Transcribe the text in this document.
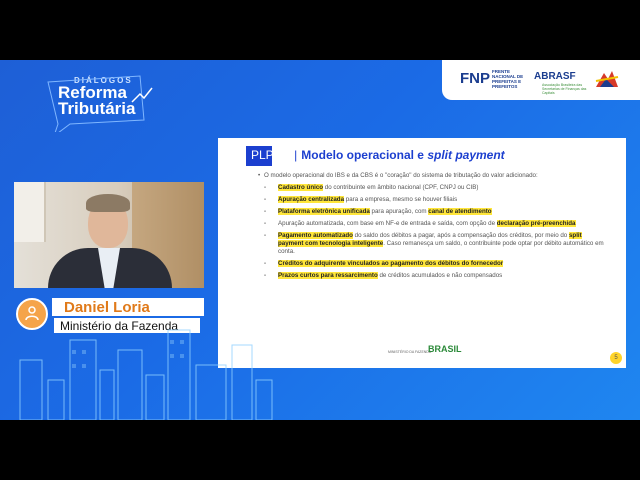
DIÁLOGOS
Reforma
Tributária
FNP FRENTE NACIONAL DE PREFEITAS E PREFEITOS
ABRASF
Associação Brasileira das Secretarias de Finanças das Capitais
Daniel Loria
Ministério da Fazenda
PLP 68 | Modelo operacional e split payment

• O modelo operacional do IBS e da CBS é o "coração" do sistema de tributação do valor adicionado:

- Cadastro único do contribuinte em âmbito nacional (CPF, CNPJ ou CIB)

- Apuração centralizada para a empresa, mesmo se houver filiais

- Plataforma eletrônica unificada para apuração, com canal de atendimento

- Apuração automatizada, com base em NF-e de entrada e saída, com opção de declaração pré-preenchida

- Pagamento automatizado do saldo dos débitos a pagar, após a compensação dos créditos, por meio do split payment com tecnologia inteligente. Caso remanesça um saldo, o contribuinte pode optar por débito automático em conta.

- Créditos do adquirente vinculados ao pagamento dos débitos do fornecedor

- Prazos curtos para ressarcimento de créditos acumulados e não compensados

MINISTÉRIO DA FAZENDA
BRASIL
5
